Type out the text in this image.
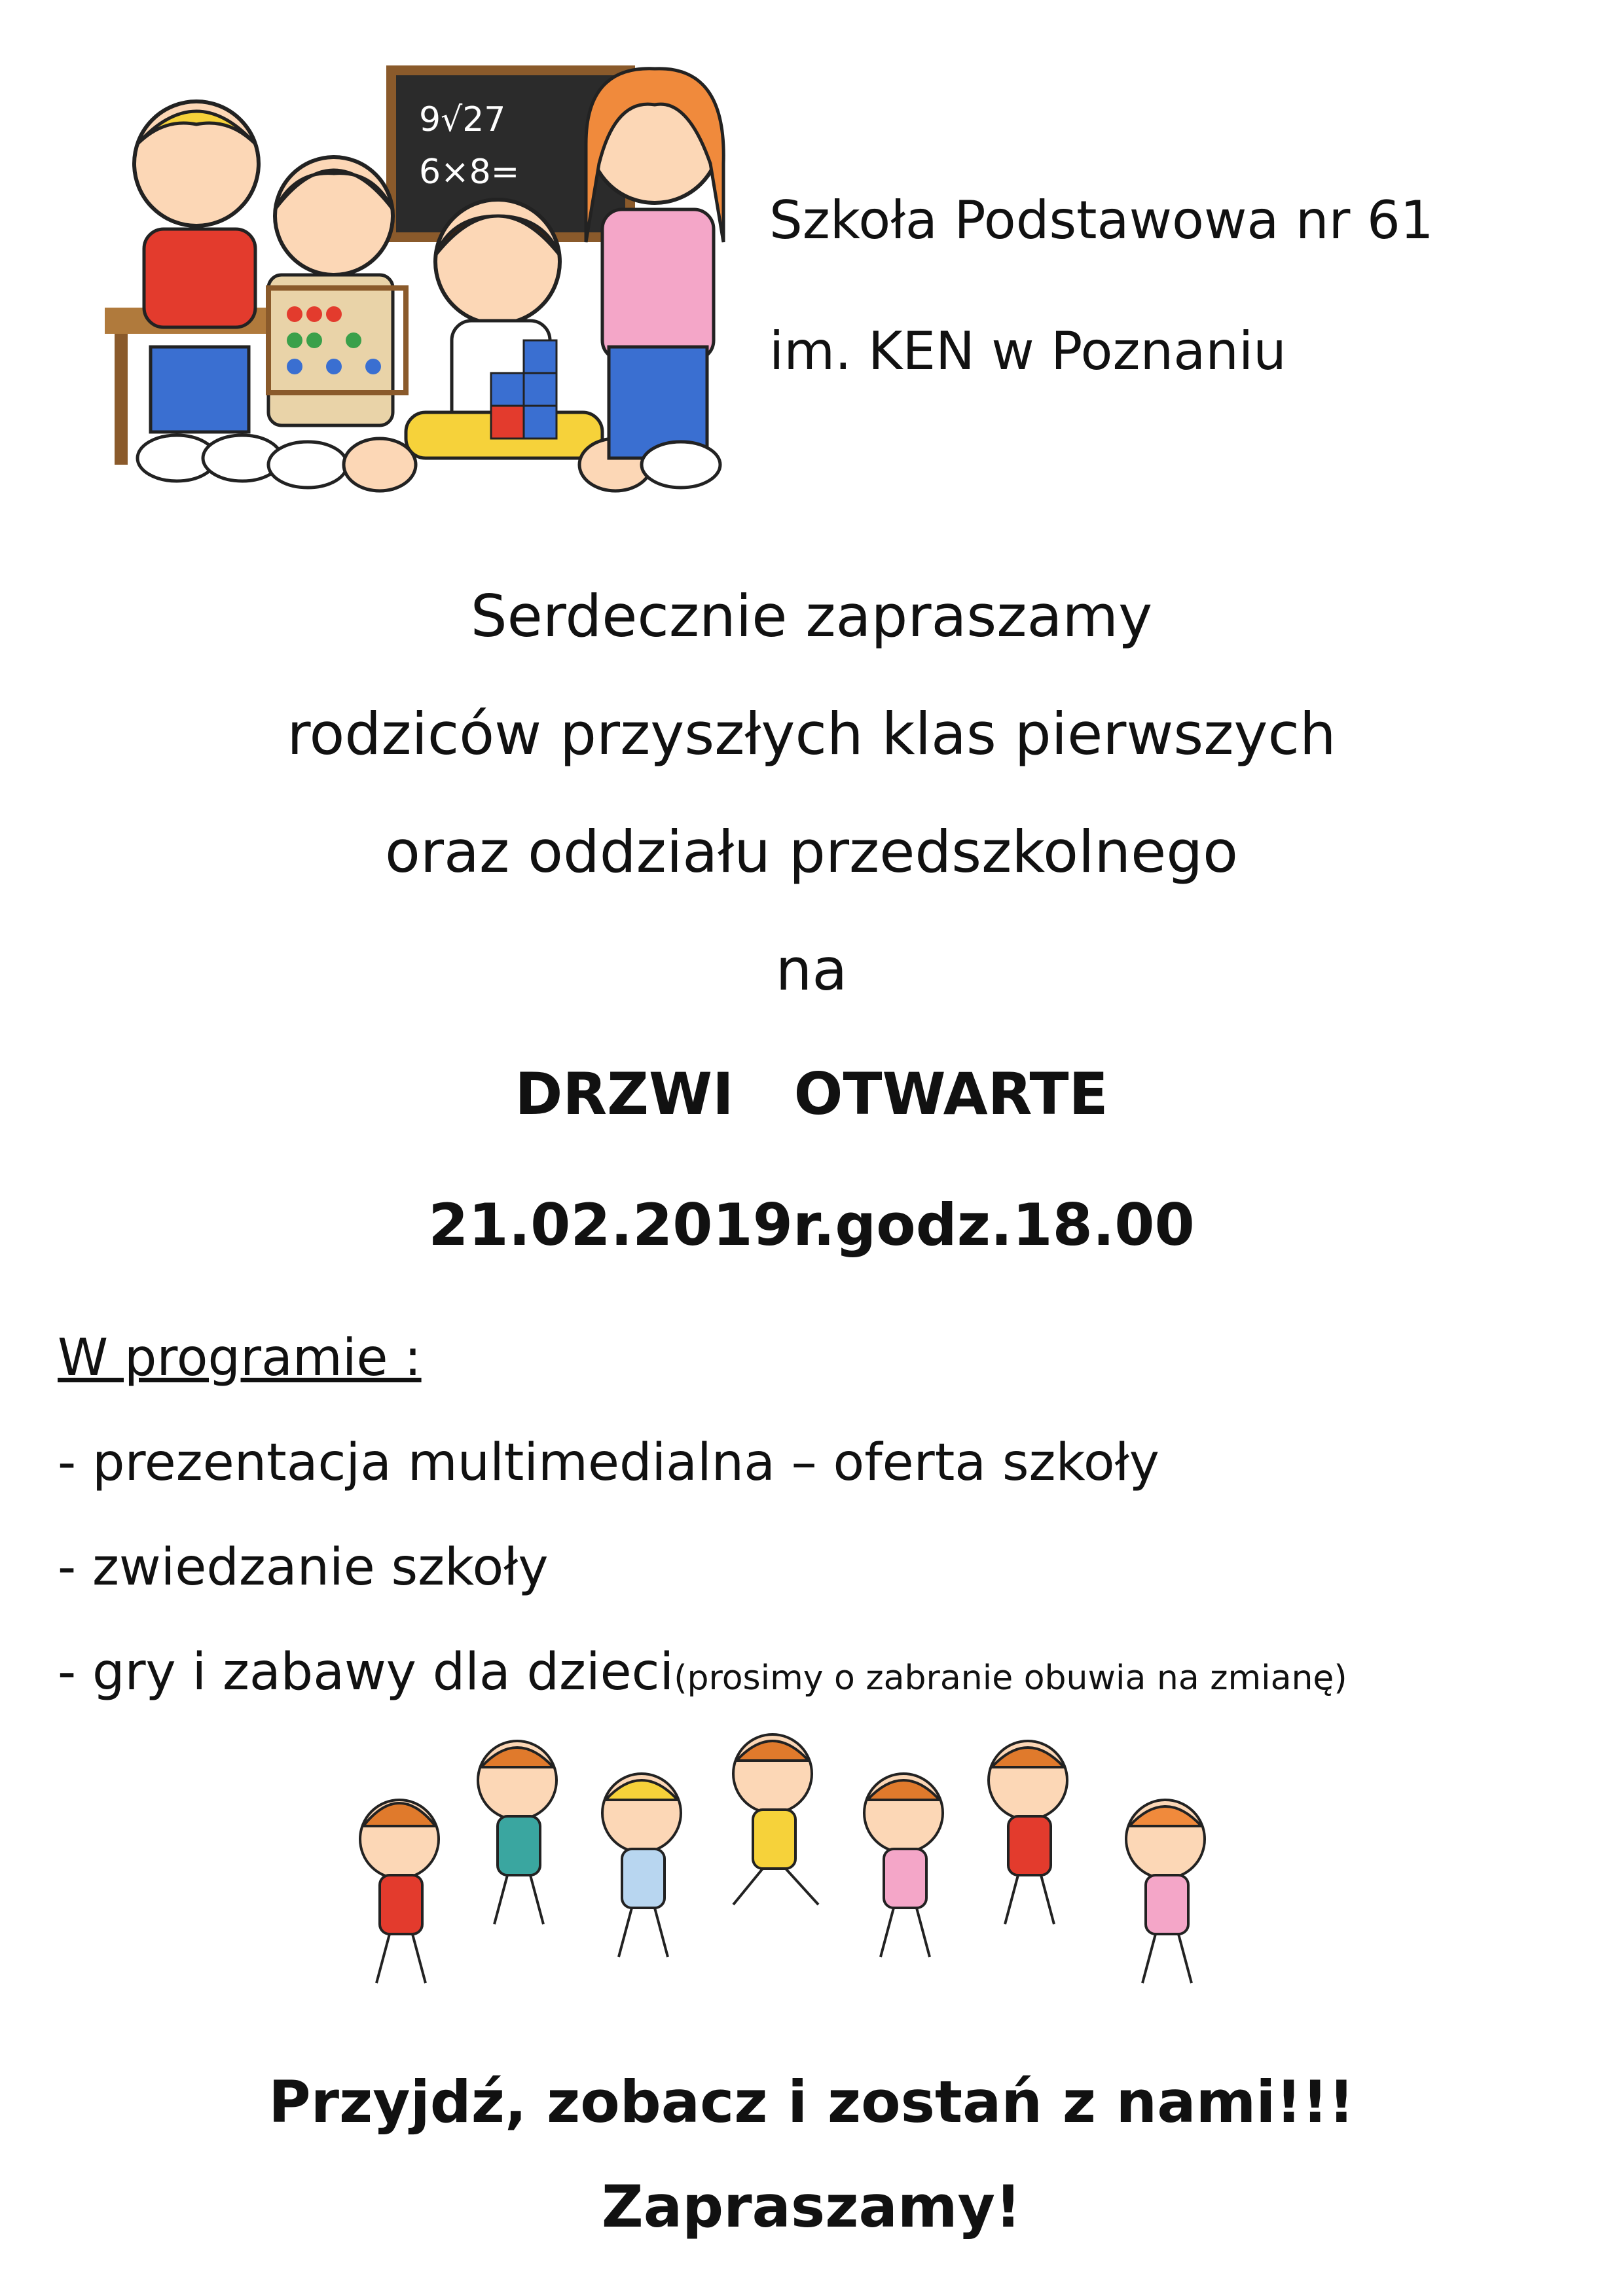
9√27
6×8=
Szkoła Podstawowa nr 61
im. KEN w Poznaniu
Serdecznie zapraszamy
rodziców przyszłych klas pierwszych
oraz oddziału przedszkolnego
na
DRZWI   OTWARTE
21.02.2019r.godz.18.00
W programie :
- prezentacja multimedialna – oferta szkoły
- zwiedzanie szkoły
- gry i zabawy dla dzieci(prosimy o zabranie obuwia na zmianę)
Przyjdź, zobacz i zostań z nami!!!
Zapraszamy!
